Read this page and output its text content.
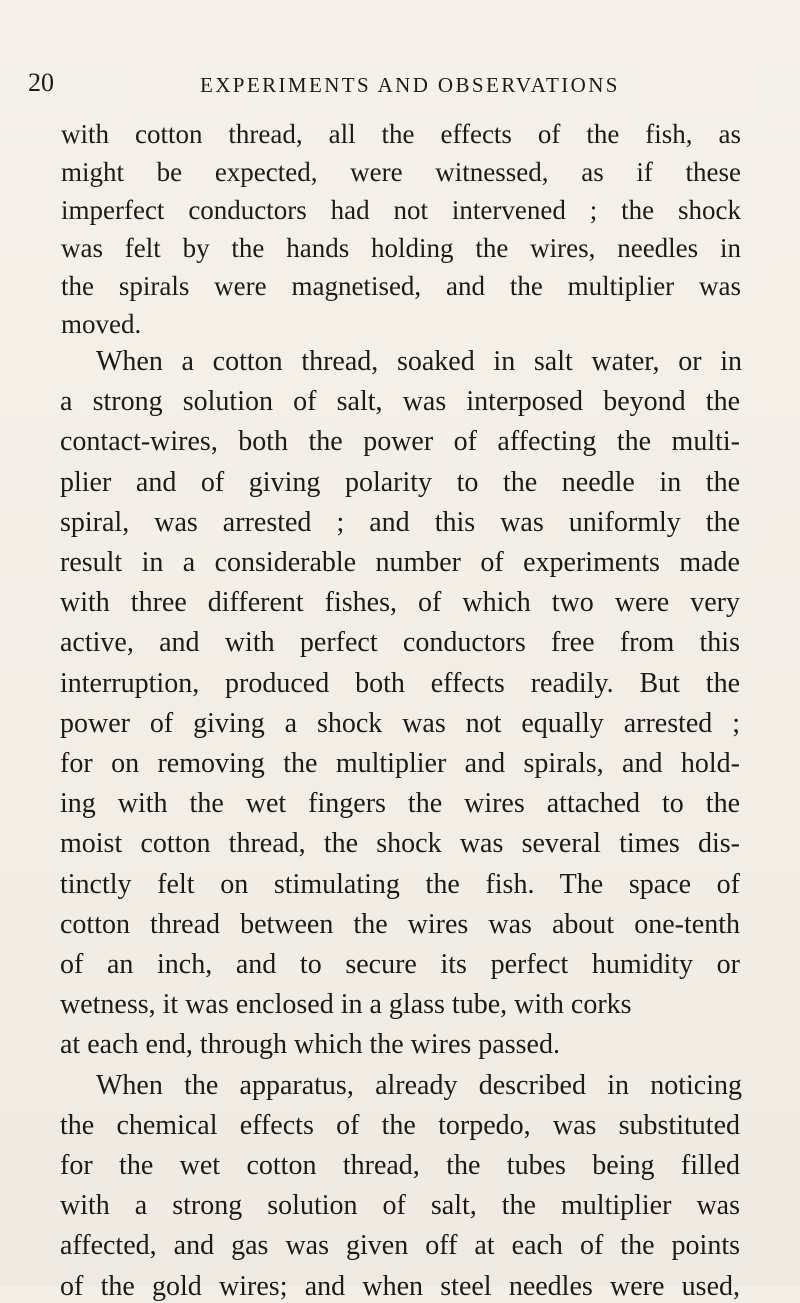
20	EXPERIMENTS AND OBSERVATIONS
with cotton thread, all the effects of the fish, as
might be expected, were witnessed, as if these
imperfect conductors had not intervened ; the shock
was felt by the hands holding the wires, needles in
the spirals were magnetised, and the multiplier was
moved.
When a cotton thread, soaked in salt water, or in
a strong solution of salt, was interposed beyond the
contact-wires, both the power of affecting the multi-
plier and of giving polarity to the needle in the
spiral, was arrested ; and this was uniformly the
result in a considerable number of experiments made
with three different fishes, of which two were very
active, and with perfect conductors free from this
interruption, produced both effects readily. But the
power of giving a shock was not equally arrested ;
for on removing the multiplier and spirals, and hold-
ing with the wet fingers the wires attached to the
moist cotton thread, the shock was several times dis-
tinctly felt on stimulating the fish. The space of
cotton thread between the wires was about one-tenth
of an inch, and to secure its perfect humidity or
wetness, it was enclosed in a glass tube, with corks
at each end, through which the wires passed.
When the apparatus, already described in noticing
the chemical effects of the torpedo, was substituted
for the wet cotton thread, the tubes being filled
with a strong solution of salt, the multiplier was
affected, and gas was given off at each of the points
of the gold wires; and when steel needles were used,
